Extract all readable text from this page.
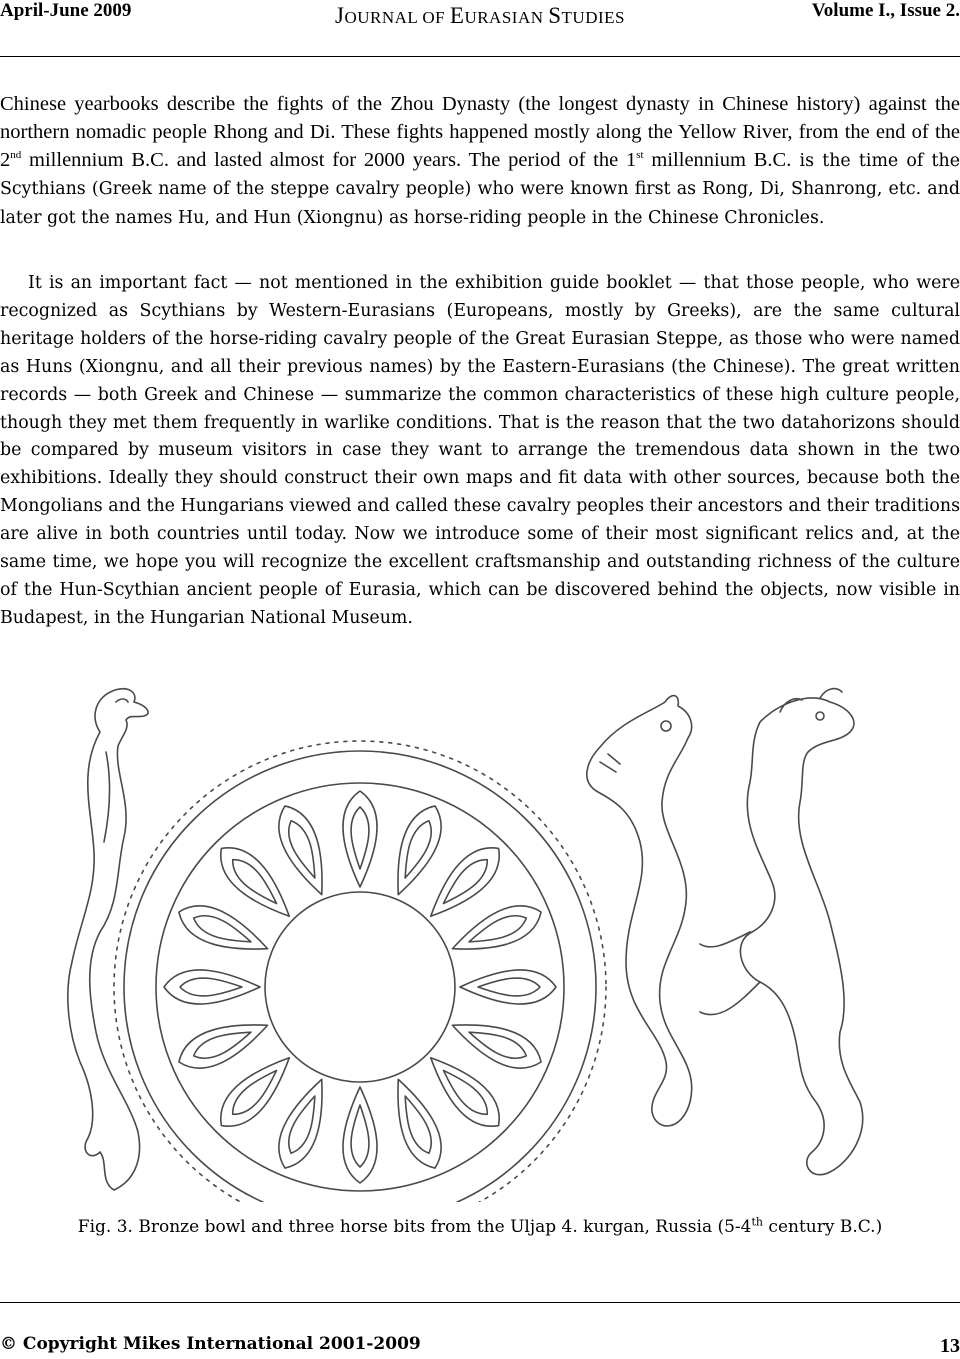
April-June 2009	JOURNAL OF EURASIAN STUDIES	Volume I., Issue 2.

Chinese yearbooks describe the fights of the Zhou Dynasty (the longest dynasty in Chinese history) against the northern nomadic people Rhong and Di. These fights happened mostly along the Yellow River, from the end of the 2nd millennium B.C. and lasted almost for 2000 years. The period of the 1st millennium B.C. is the time of the Scythians (Greek name of the steppe cavalry people) who were known first as Rong, Di, Shanrong, etc. and later got the names Hu, and Hun (Xiongnu) as horse-riding people in the Chinese Chronicles.

It is an important fact — not mentioned in the exhibition guide booklet — that those people, who were recognized as Scythians by Western-Eurasians (Europeans, mostly by Greeks), are the same cultural heritage holders of the horse-riding cavalry people of the Great Eurasian Steppe, as those who were named as Huns (Xiongnu, and all their previous names) by the Eastern-Eurasians (the Chinese). The great written records — both Greek and Chinese — summarize the common characteristics of these high culture people, though they met them frequently in warlike conditions. That is the reason that the two datahorizons should be compared by museum visitors in case they want to arrange the tremendous data shown in the two exhibitions. Ideally they should construct their own maps and fit data with other sources, because both the Mongolians and the Hungarians viewed and called these cavalry peoples their ancestors and their traditions are alive in both countries until today. Now we introduce some of their most significant relics and, at the same time, we hope you will recognize the excellent craftsmanship and outstanding richness of the culture of the Hun-Scythian ancient people of Eurasia, which can be discovered behind the objects, now visible in Budapest, in the Hungarian National Museum.

Fig. 3. Bronze bowl and three horse bits from the Uljap 4. kurgan, Russia (5-4th century B.C.)
© Copyright Mikes International 2001-2009	13
